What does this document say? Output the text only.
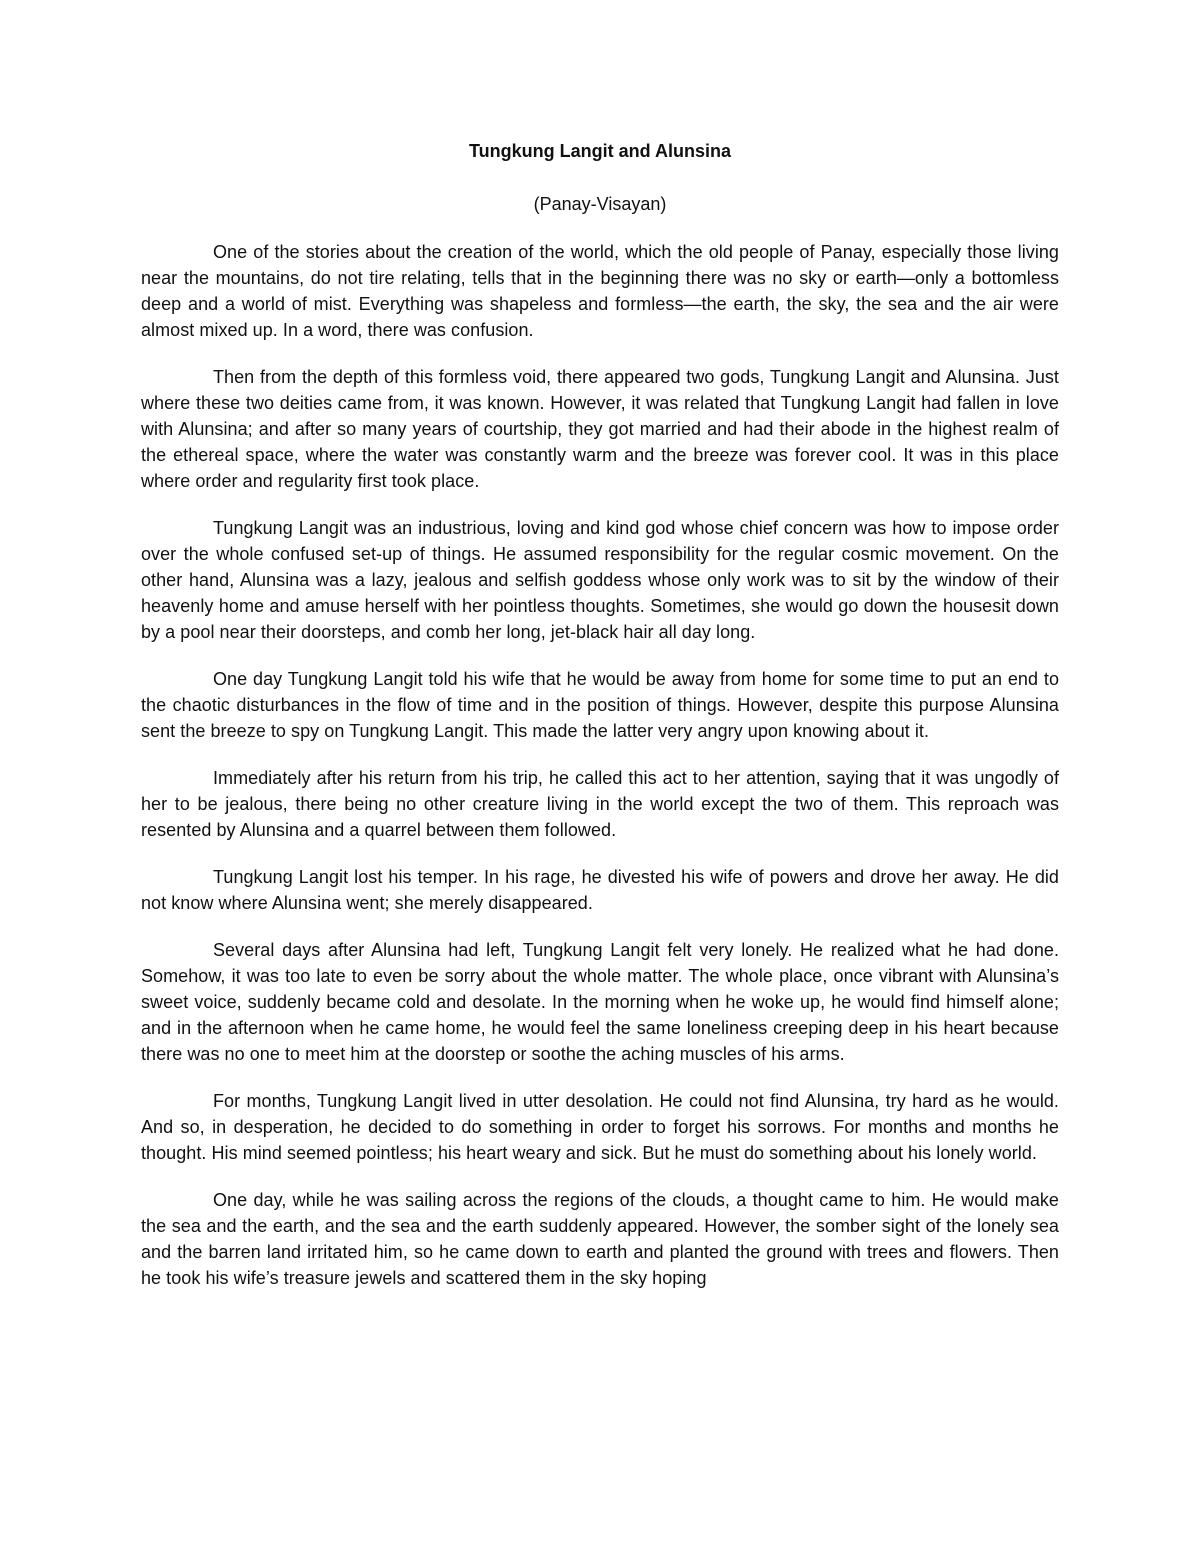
Tungkung Langit and Alunsina
(Panay-Visayan)

One of the stories about the creation of the world, which the old people of Panay, especially those living near the mountains, do not tire relating, tells that in the beginning there was no sky or earth—only a bottomless deep and a world of mist. Everything was shapeless and formless—the earth, the sky, the sea and the air were almost mixed up. In a word, there was confusion.

Then from the depth of this formless void, there appeared two gods, Tungkung Langit and Alunsina. Just where these two deities came from, it was known. However, it was related that Tungkung Langit had fallen in love with Alunsina; and after so many years of courtship, they got married and had their abode in the highest realm of the ethereal space, where the water was constantly warm and the breeze was forever cool. It was in this place where order and regularity first took place.

Tungkung Langit was an industrious, loving and kind god whose chief concern was how to impose order over the whole confused set-up of things. He assumed responsibility for the regular cosmic movement. On the other hand, Alunsina was a lazy, jealous and selfish goddess whose only work was to sit by the window of their heavenly home and amuse herself with her pointless thoughts. Sometimes, she would go down the housesit down by a pool near their doorsteps, and comb her long, jet-black hair all day long.

One day Tungkung Langit told his wife that he would be away from home for some time to put an end to the chaotic disturbances in the flow of time and in the position of things. However, despite this purpose Alunsina sent the breeze to spy on Tungkung Langit. This made the latter very angry upon knowing about it.

Immediately after his return from his trip, he called this act to her attention, saying that it was ungodly of her to be jealous, there being no other creature living in the world except the two of them. This reproach was resented by Alunsina and a quarrel between them followed.

Tungkung Langit lost his temper. In his rage, he divested his wife of powers and drove her away. He did not know where Alunsina went; she merely disappeared.

Several days after Alunsina had left, Tungkung Langit felt very lonely. He realized what he had done. Somehow, it was too late to even be sorry about the whole matter. The whole place, once vibrant with Alunsina’s sweet voice, suddenly became cold and desolate. In the morning when he woke up, he would find himself alone; and in the afternoon when he came home, he would feel the same loneliness creeping deep in his heart because there was no one to meet him at the doorstep or soothe the aching muscles of his arms.

For months, Tungkung Langit lived in utter desolation. He could not find Alunsina, try hard as he would. And so, in desperation, he decided to do something in order to forget his sorrows. For months and months he thought. His mind seemed pointless; his heart weary and sick. But he must do something about his lonely world.

One day, while he was sailing across the regions of the clouds, a thought came to him. He would make the sea and the earth, and the sea and the earth suddenly appeared. However, the somber sight of the lonely sea and the barren land irritated him, so he came down to earth and planted the ground with trees and flowers. Then he took his wife’s treasure jewels and scattered them in the sky hoping
